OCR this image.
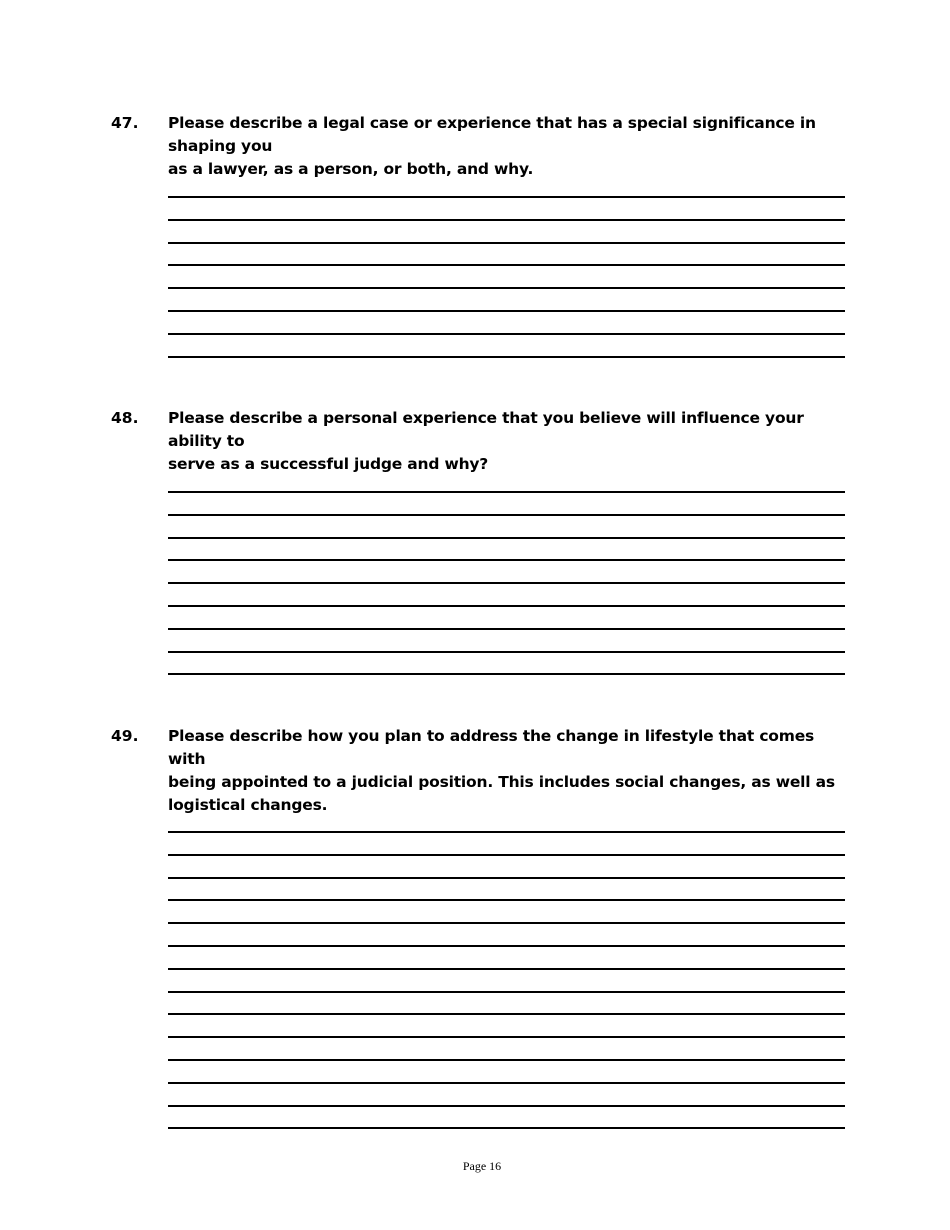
47. Please describe a legal case or experience that has a special significance in shaping you
as a lawyer, as a person, or both, and why.

48. Please describe a personal experience that you believe will influence your ability to
serve as a successful judge and why?

49. Please describe how you plan to address the change in lifestyle that comes with
being appointed to a judicial position. This includes social changes, as well as
logistical changes.

Page 16
